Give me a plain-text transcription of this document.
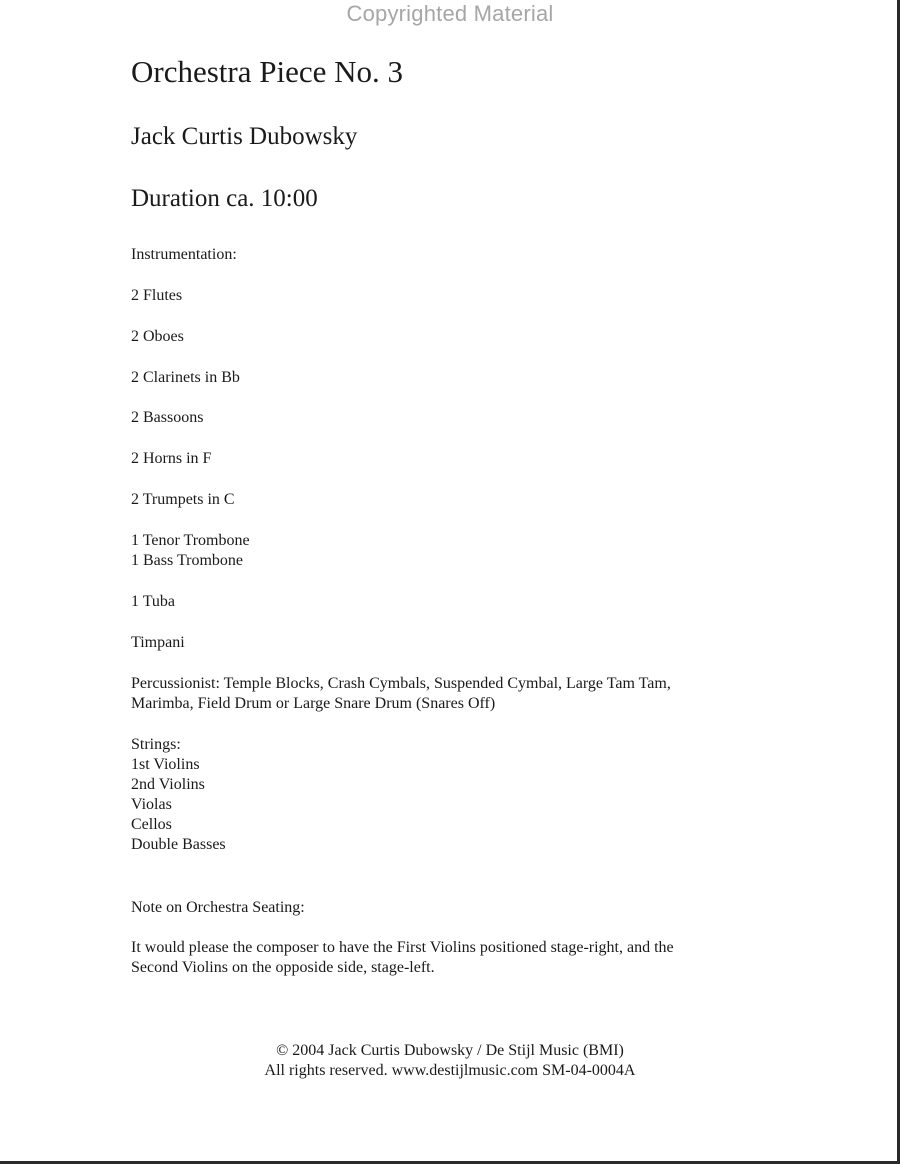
Copyrighted Material
Orchestra Piece No. 3
Jack Curtis Dubowsky
Duration ca. 10:00
Instrumentation:
2 Flutes
2 Oboes
2 Clarinets in Bb
2 Bassoons
2 Horns in F
2 Trumpets in C
1 Tenor Trombone
1 Bass Trombone
1 Tuba
Timpani
Percussionist: Temple Blocks, Crash Cymbals, Suspended Cymbal, Large Tam Tam,
Marimba, Field Drum or Large Snare Drum (Snares Off)
Strings:
1st Violins
2nd Violins
Violas
Cellos
Double Basses
Note on Orchestra Seating:
It would please the composer to have the First Violins positioned stage-right, and the
Second Violins on the opposide side, stage-left.
© 2004 Jack Curtis Dubowsky / De Stijl Music (BMI)
All rights reserved. www.destijlmusic.com SM-04-0004A
